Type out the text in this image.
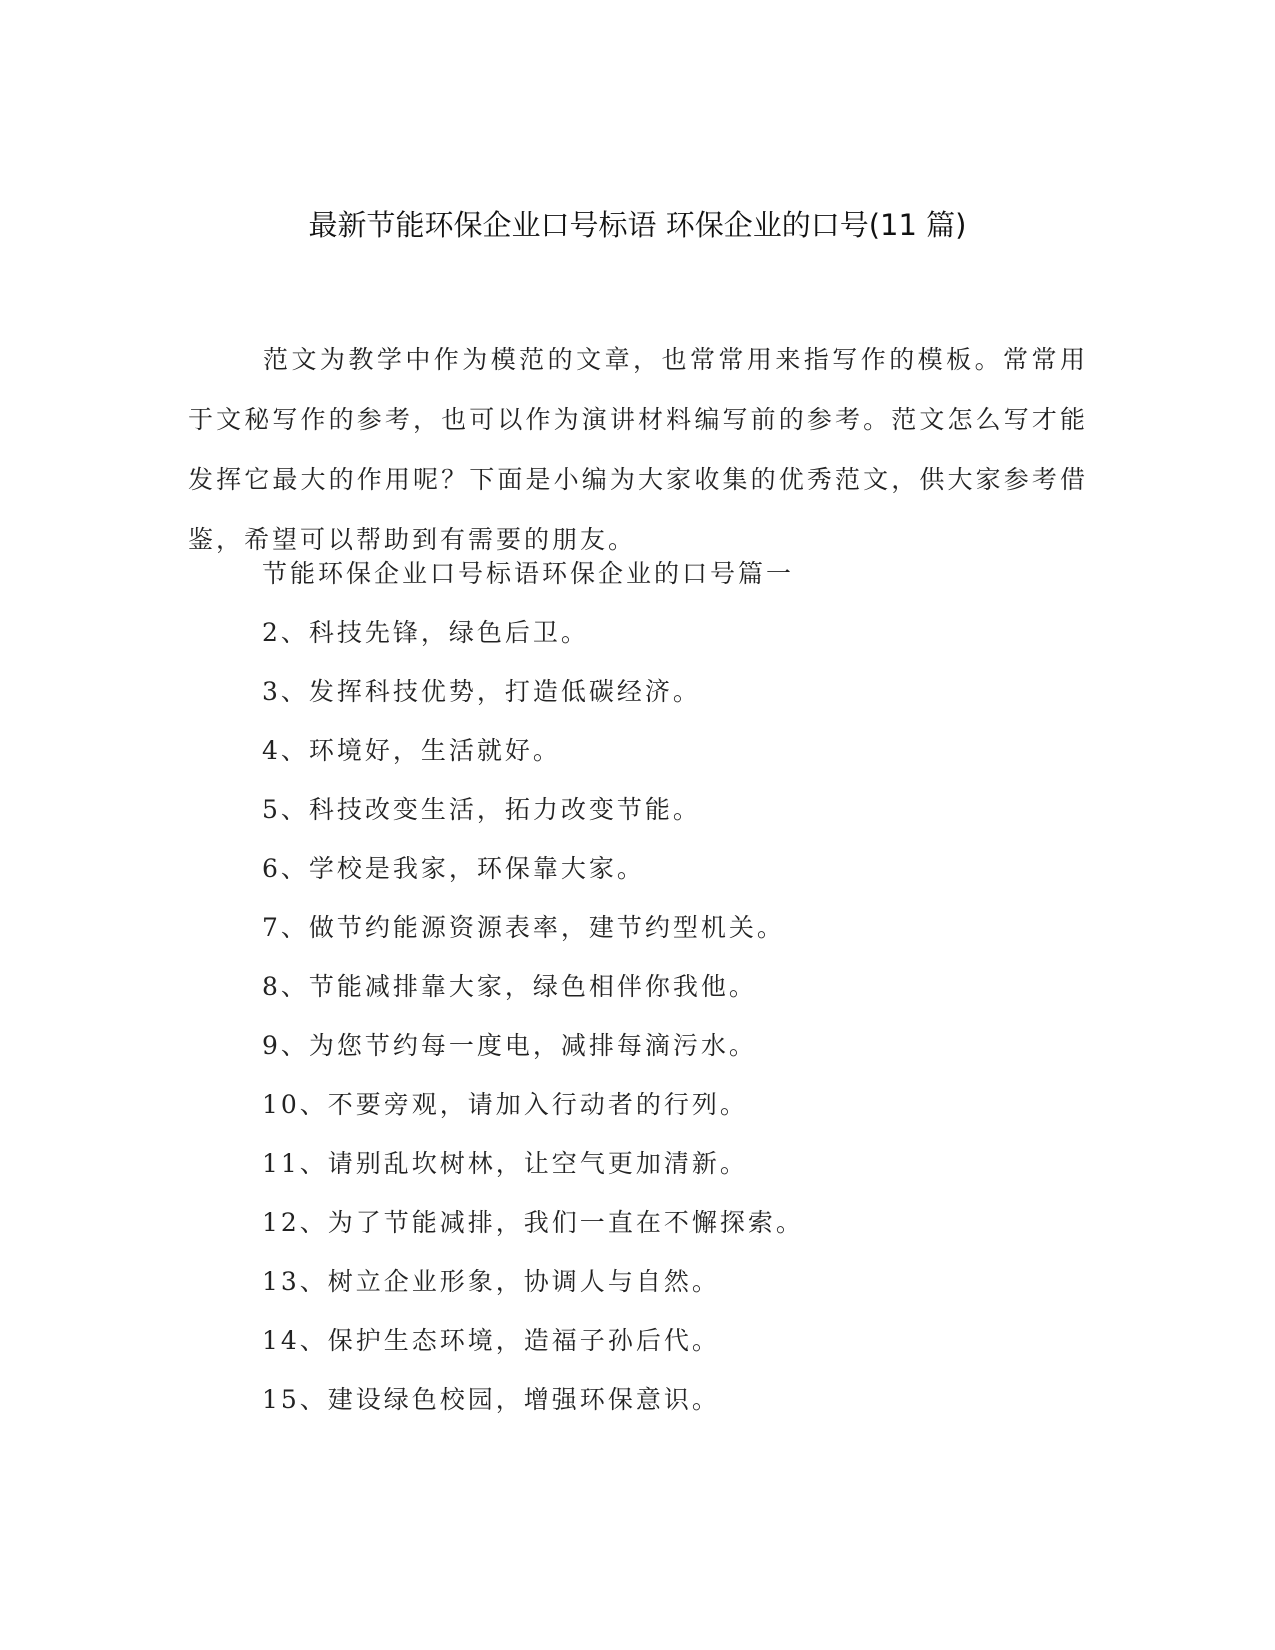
最新节能环保企业口号标语 环保企业的口号(11 篇)
范文为教学中作为模范的文章，也常常用来指写作的模板。常常用于文秘写作的参考，也可以作为演讲材料编写前的参考。范文怎么写才能发挥它最大的作用呢？下面是小编为大家收集的优秀范文，供大家参考借鉴，希望可以帮助到有需要的朋友。
节能环保企业口号标语环保企业的口号篇一
2、科技先锋，绿色后卫。
3、发挥科技优势，打造低碳经济。
4、环境好，生活就好。
5、科技改变生活，拓力改变节能。
6、学校是我家，环保靠大家。
7、做节约能源资源表率，建节约型机关。
8、节能减排靠大家，绿色相伴你我他。
9、为您节约每一度电，减排每滴污水。
10、不要旁观，请加入行动者的行列。
11、请别乱坎树林，让空气更加清新。
12、为了节能减排，我们一直在不懈探索。
13、树立企业形象，协调人与自然。
14、保护生态环境，造福子孙后代。
15、建设绿色校园，增强环保意识。
